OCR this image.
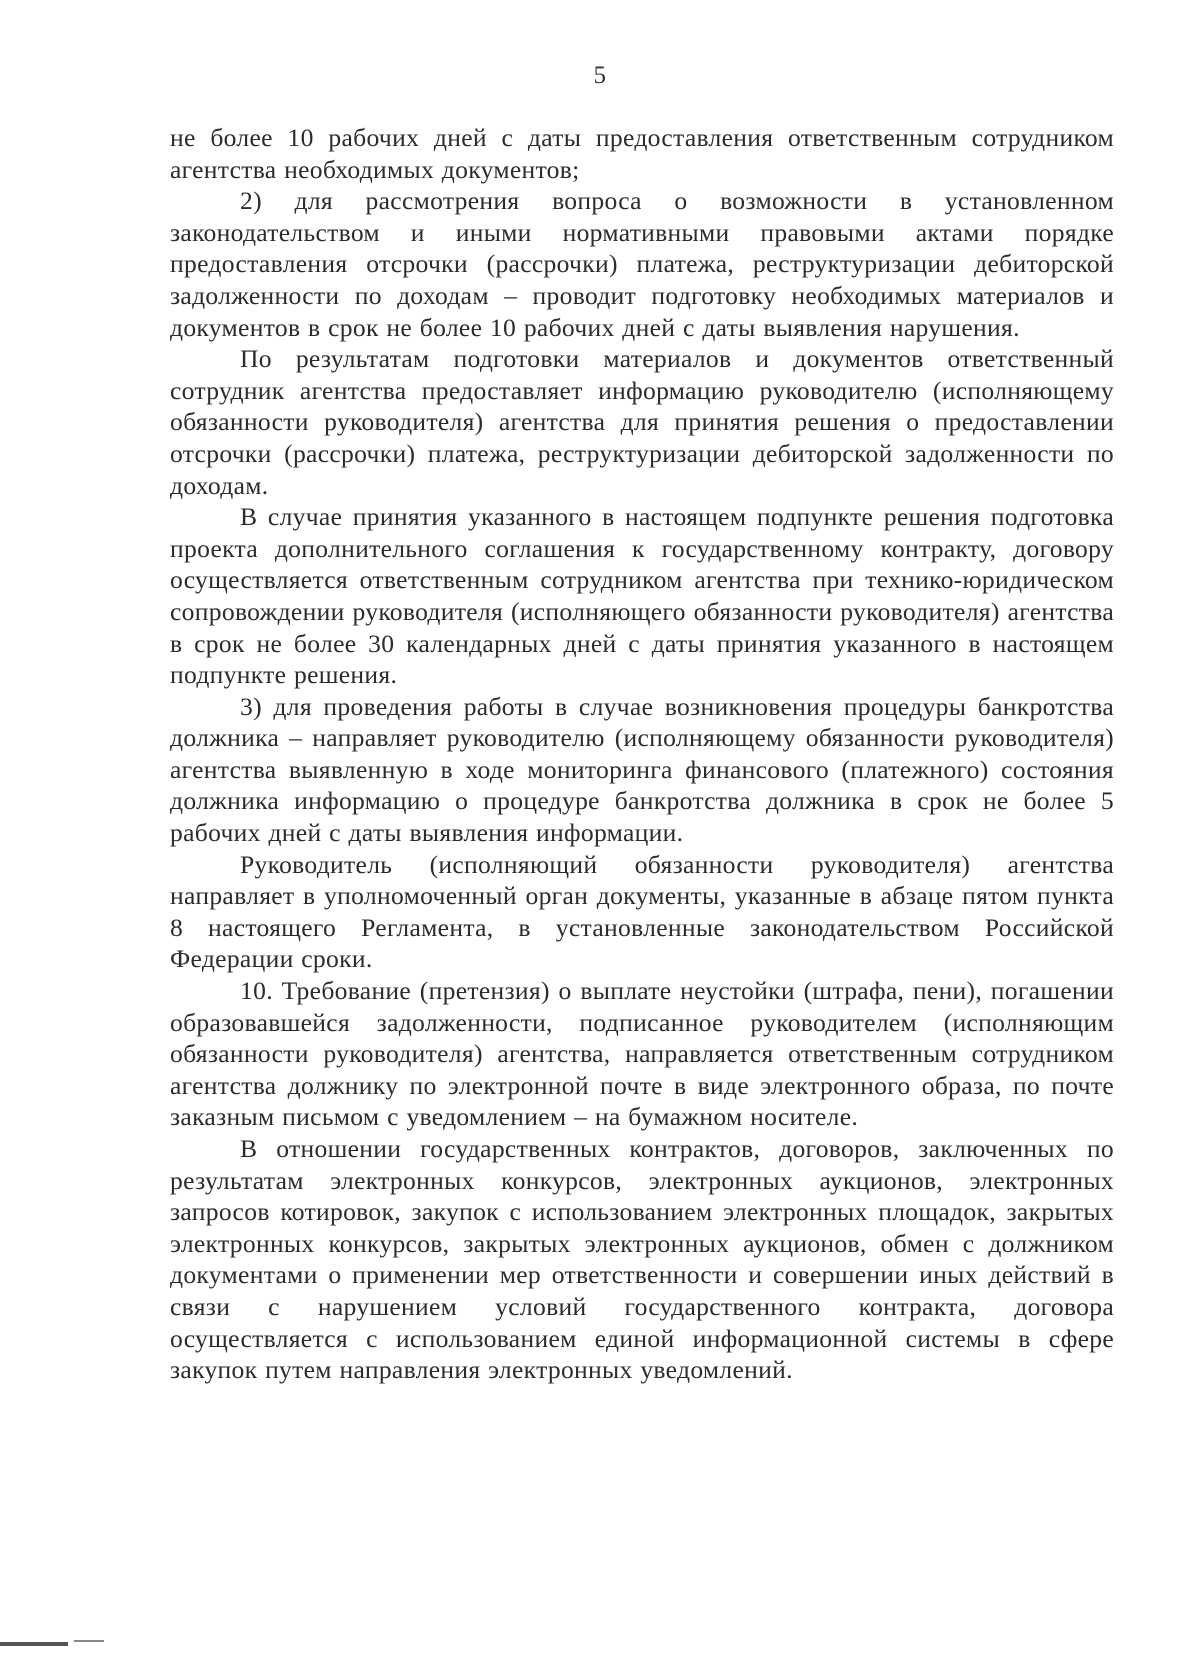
5

не более 10 рабочих дней с даты предоставления ответственным сотрудником агентства необходимых документов;

2) для рассмотрения вопроса о возможности в установленном законодательством и иными нормативными правовыми актами порядке предоставления отсрочки (рассрочки) платежа, реструктуризации дебиторской задолженности по доходам – проводит подготовку необходимых материалов и документов в срок не более 10 рабочих дней с даты выявления нарушения.

По результатам подготовки материалов и документов ответственный сотрудник агентства предоставляет информацию руководителю (исполняющему обязанности руководителя) агентства для принятия решения о предоставлении отсрочки (рассрочки) платежа, реструктуризации дебиторской задолженности по доходам.

В случае принятия указанного в настоящем подпункте решения подготовка проекта дополнительного соглашения к государственному контракту, договору осуществляется ответственным сотрудником агентства при технико-юридическом сопровождении руководителя (исполняющего обязанности руководителя) агентства в срок не более 30 календарных дней с даты принятия указанного в настоящем подпункте решения.

3) для проведения работы в случае возникновения процедуры банкротства должника – направляет руководителю (исполняющему обязанности руководителя) агентства выявленную в ходе мониторинга финансового (платежного) состояния должника информацию о процедуре банкротства должника в срок не более 5 рабочих дней с даты выявления информации.

Руководитель (исполняющий обязанности руководителя) агентства направляет в уполномоченный орган документы, указанные в абзаце пятом пункта 8 настоящего Регламента, в установленные законодательством Российской Федерации сроки.

10. Требование (претензия) о выплате неустойки (штрафа, пени), погашении образовавшейся задолженности, подписанное руководителем (исполняющим обязанности руководителя) агентства, направляется ответственным сотрудником агентства должнику по электронной почте в виде электронного образа, по почте заказным письмом с уведомлением – на бумажном носителе.

В отношении государственных контрактов, договоров, заключенных по результатам электронных конкурсов, электронных аукционов, электронных запросов котировок, закупок с использованием электронных площадок, закрытых электронных конкурсов, закрытых электронных аукционов, обмен с должником документами о применении мер ответственности и совершении иных действий в связи с нарушением условий государственного контракта, договора осуществляется с использованием единой информационной системы в сфере закупок путем направления электронных уведомлений.
